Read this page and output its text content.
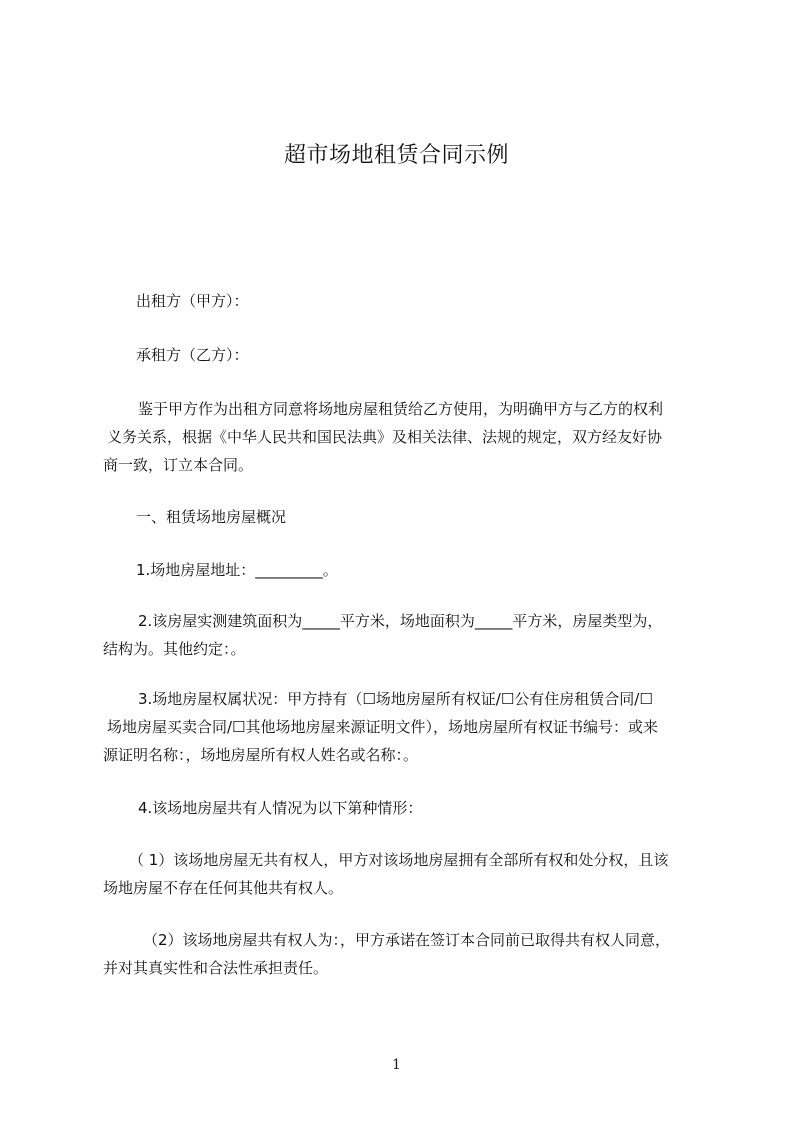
超市场地租赁合同示例
出租方（甲方）：
承租方（乙方）：
鉴于甲方作为出租方同意将场地房屋租赁给乙方使用，为明确甲方与乙方的权利
义务关系，根据《中华人民共和国民法典》及相关法律、法规的规定，双方经友好协
商一致，订立本合同。
一、租赁场地房屋概况
1.场地房屋地址：_________。
2.该房屋实测建筑面积为_____平方米，场地面积为_____平方米，房屋类型为，
结构为。其他约定：。
3.场地房屋权属状况：甲方持有（☐场地房屋所有权证/☐公有住房租赁合同/☐
场地房屋买卖合同/☐其他场地房屋来源证明文件），场地房屋所有权证书编号：或来
源证明名称：，场地房屋所有权人姓名或名称：。
4.该场地房屋共有人情况为以下第种情形：
（ 1）该场地房屋无共有权人，甲方对该场地房屋拥有全部所有权和处分权，且该
场地房屋不存在任何其他共有权人。
（2）该场地房屋共有权人为：，甲方承诺在签订本合同前已取得共有权人同意，
并对其真实性和合法性承担责任。
1
